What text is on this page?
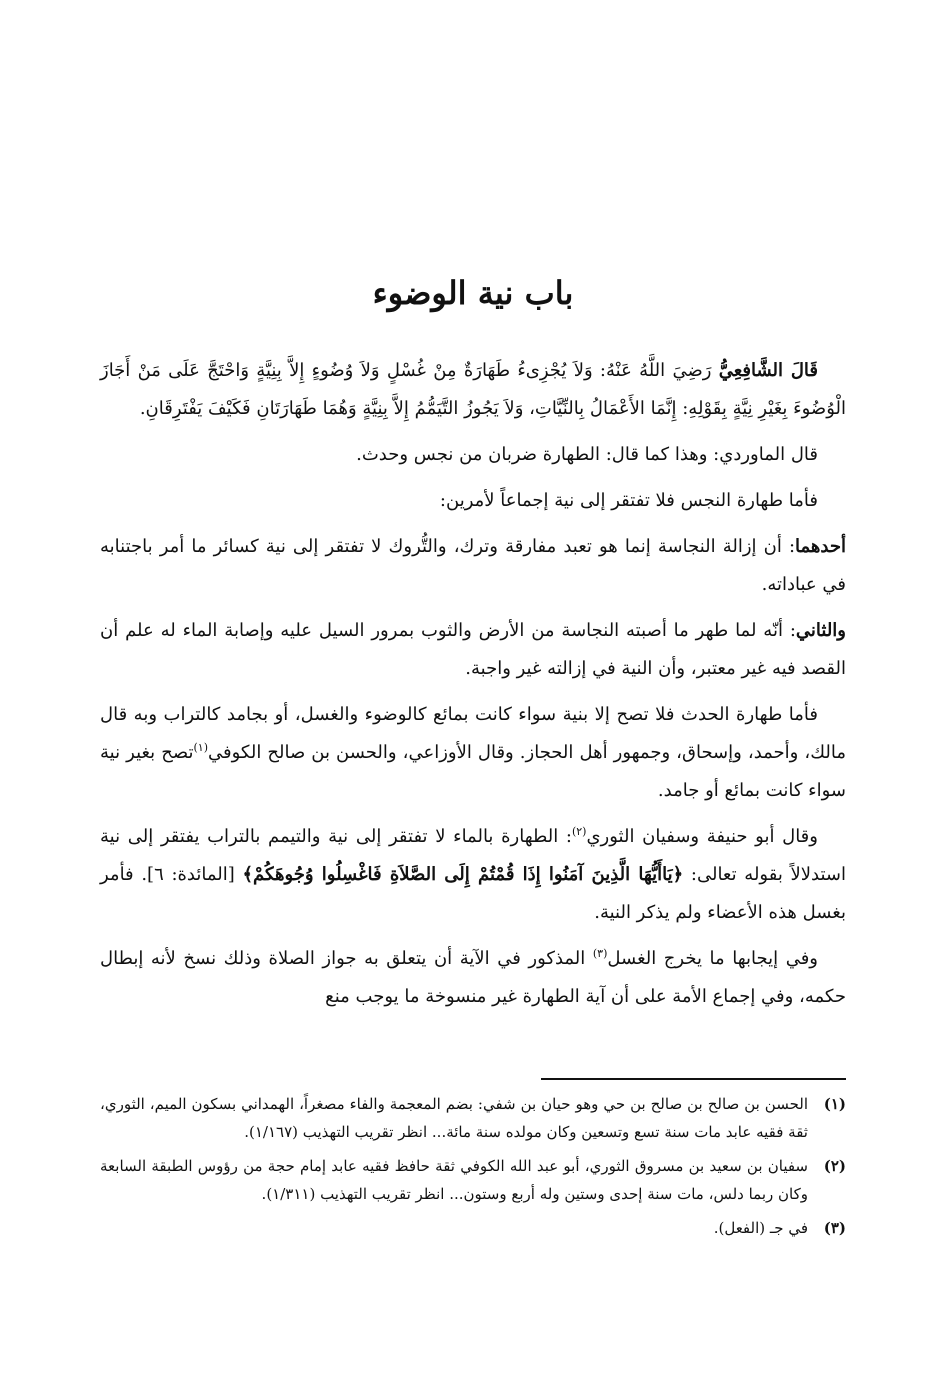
باب نية الوضوء

قَالَ الشَّافِعِيُّ رَضِيَ اللَّهُ عَنْهُ: وَلاَ يُجْزِىءُ طَهَارَةٌ مِنْ غُسْلٍ وَلاَ وُضُوءٍ إِلاَّ بِنِيَّةٍ وَاحْتَجَّ عَلَى مَنْ أَجَازَ الْوُضُوءَ بِغَيْرِ نِيَّةٍ بِقَوْلِهِ: إِنَّمَا الأَعْمَالُ بِالنِّيَّاتِ، وَلاَ يَجُوزُ التَّيَمُّمُ إِلاَّ بِنِيَّةٍ وَهُمَا طَهَارَتَانِ فَكَيْفَ يَفْتَرِقَانِ.

قال الماوردي: وهذا كما قال: الطهارة ضربان من نجس وحدث.

فأما طهارة النجس فلا تفتقر إلى نية إجماعاً لأمرين:

أحدهما: أن إزالة النجاسة إنما هو تعبد مفارقة وترك، والتُّروك لا تفتقر إلى نية كسائر ما أمر باجتنابه في عباداته.

والثاني: أنّه لما طهر ما أصبته النجاسة من الأرض والثوب بمرور السيل عليه وإصابة الماء له علم أن القصد فيه غير معتبر، وأن النية في إزالته غير واجبة.

فأما طهارة الحدث فلا تصح إلا بنية سواء كانت بمائع كالوضوء والغسل، أو بجامد كالتراب وبه قال مالك، وأحمد، وإسحاق، وجمهور أهل الحجاز. وقال الأوزاعي، والحسن بن صالح الكوفي$^{(١)}$تصح بغير نية سواء كانت بمائع أو جامد.

وقال أبو حنيفة وسفيان الثوري$^{(٢)}$: الطهارة بالماء لا تفتقر إلى نية والتيمم بالتراب يفتقر إلى نية استدلالاً بقوله تعالى: ﴿يَاأَيُّهَا الَّذِينَ آمَنُوا إِذَا قُمْتُمْ إِلَى الصَّلاَةِ فَاغْسِلُوا وُجُوهَكُمْ﴾ [المائدة: ٦]. فأمر بغسل هذه الأعضاء ولم يذكر النية.

وفي إيجابها ما يخرج الغسل$^{(٣)}$ المذكور في الآية أن يتعلق به جواز الصلاة وذلك نسخ لأنه إبطال حكمه، وفي إجماع الأمة على أن آية الطهارة غير منسوخة ما يوجب منع

(١)
الحسن بن صالح بن صالح بن حي وهو حيان بن شفي: بضم المعجمة والفاء مصغراً، الهمداني بسكون الميم، الثوري، ثقة فقيه عابد مات سنة تسع وتسعين وكان مولده سنة مائة... انظر تقريب التهذيب (١/١٦٧).
(٢)
سفيان بن سعيد بن مسروق الثوري، أبو عبد الله الكوفي ثقة حافظ فقيه عابد إمام حجة من رؤوس الطبقة السابعة وكان ربما دلس، مات سنة إحدى وستين وله أربع وستون... انظر تقريب التهذيب (١/٣١١).
(٣)
في جـ (الفعل).
